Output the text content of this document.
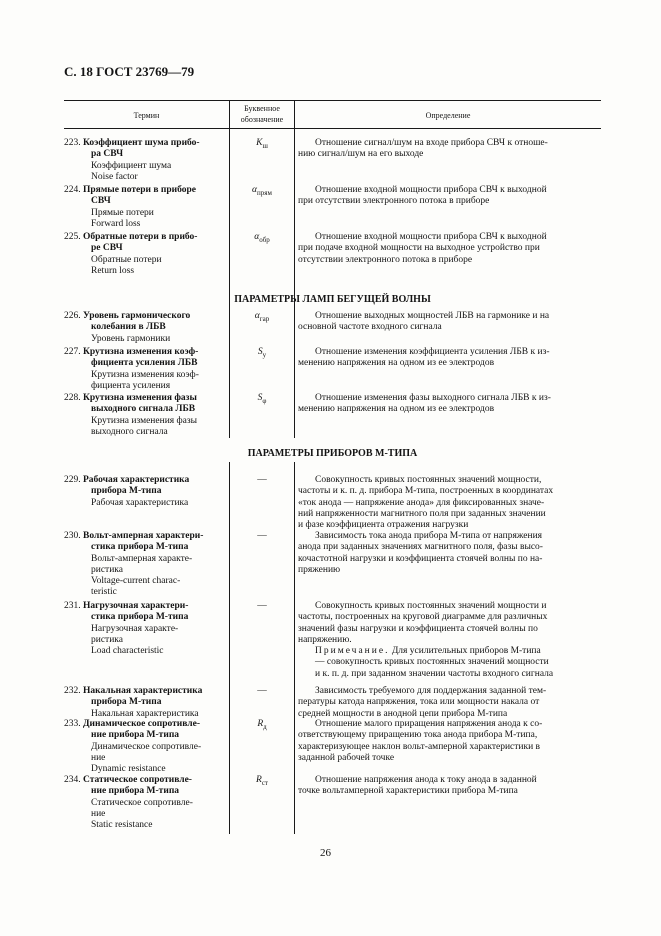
С. 18 ГОСТ 23769—79
Термин
Буквенное
обозначение	Определение
ПАРАМЕТРЫ ЛАМП БЕГУЩЕЙ ВОЛНЫ
ПАРАМЕТРЫ ПРИБОРОВ М-ТИПА
223. Коэффициент шума прибо-
ра СВЧ
Коэффициент шума
Noise factor
$K_ш$	Отношение сигнал/шум на входе прибора СВЧ к отноше-
нию сигнал/шум на его выходе
224. Прямые потери в приборе
СВЧ
Прямые потери
Forward loss
$\alpha_{прям}$	Отношение входной мощности прибора СВЧ к выходной
при отсутствии электронного потока в приборе
225. Обратные потери в прибо-
ре СВЧ
Обратные потери
Return loss
$\alpha_{обр}$	Отношение входной мощности прибора СВЧ к выходной
при подаче входной мощности на выходное устройство при
отсутствии электронного потока в приборе
226. Уровень гармонического
колебания в ЛБВ
Уровень гармоники
$\alpha_{гар}$	Отношение выходных мощностей ЛБВ на гармонике и на
основной частоте входного сигнала
227. Крутизна изменения коэф-
фициента усиления ЛБВ
Крутизна изменения коэф-
фициента усиления
$S_у$	Отношение изменения коэффициента усиления ЛБВ к из-
менению напряжения на одном из ее электродов
228. Крутизна изменения фазы
выходного сигнала ЛБВ
Крутизна изменения фазы
выходного сигнала
$S_\varphi$	Отношение изменения фазы выходного сигнала ЛБВ к из-
менению напряжения на одном из ее электродов
229. Рабочая характеристика
прибора М-типа
Рабочая характеристика
—	Совокупность кривых постоянных значений мощности,
частоты и к. п. д. прибора М-типа, построенных в координатах
«ток анода — напряжение анода» для фиксированных значе-
ний напряженности магнитного поля при заданных значении
и фазе коэффициента отражения нагрузки
230. Вольт-амперная характери-
стика прибора М-типа
Вольт-амперная характе-
ристика
Voltage-current charac-
teristic
—	Зависимость тока анода прибора М-типа от напряжения
анода при заданных значениях магнитного поля, фазы высо-
кочастотной нагрузки и коэффициента стоячей волны по на-
пряжению
231. Нагрузочная характери-
стика прибора М-типа
Нагрузочная характе-
ристика
Load characteristic
—	Совокупность кривых постоянных значений мощности и
частоты, построенных на круговой диаграмме для различных
значений фазы нагрузки и коэффициента стоячей волны по
напряжению.
Примечание. Для усилительных приборов М-типа
— совокупность кривых постоянных значений мощности
и к. п. д. при заданном значении частоты входного сигнала
232. Накальная характеристика
прибора М-типа
Накальная характеристика
—	Зависимость требуемого для поддержания заданной тем-
пературы катода напряжения, тока или мощности накала от
средней мощности в анодной цепи прибора М-типа
233. Динамическое сопротивле-
ние прибора М-типа
Динамическое сопротивле-
ние
Dynamic resistance
$R_д$	Отношение малого приращения напряжения анода к со-
ответствующему приращению тока анода прибора М-типа,
характеризующее наклон вольт-амперной характеристики в
заданной рабочей точке
234. Статическое сопротивле-
ние прибора М-типа
Статическое сопротивле-
ние
Static resistance
$R_{ст}$	Отношение напряжения анода к току анода в заданной
точке вольтамперной характеристики прибора М-типа
26
